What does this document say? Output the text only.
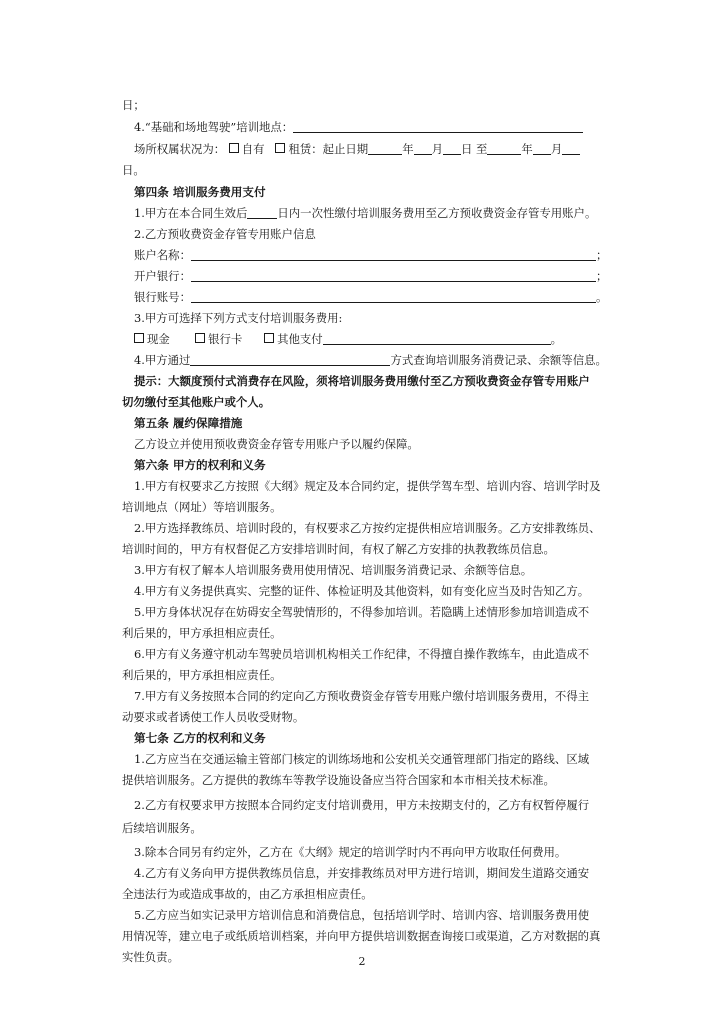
日；
4.“基础和场地驾驶”培训地点：
场所权属状况为： 自有 租赁：起止日期	年 月 日 至	年 月
日。
第四条 培训服务费用支付
1.甲方在本合同生效后	日内一次性缴付培训服务费用至乙方预收费资金存管专用账户。
2.乙方预收费资金存管专用账户信息
账户名称：	；
开户银行：	；
银行账号：	。
3.甲方可选择下列方式支付培训服务费用:
现金	银行卡	其他支付	。
4.甲方通过	方式查询培训服务消费记录、余额等信息。
提示：大额度预付式消费存在风险，须将培训服务费用缴付至乙方预收费资金存管专用账户
切勿缴付至其他账户或个人。
第五条 履约保障措施
乙方设立并使用预收费资金存管专用账户予以履约保障。
第六条 甲方的权利和义务
1.甲方有权要求乙方按照《大纲》规定及本合同约定，提供学驾车型、培训内容、培训学时及
培训地点（网址）等培训服务。
2.甲方选择教练员、培训时段的，有权要求乙方按约定提供相应培训服务。乙方安排教练员、
培训时间的，甲方有权督促乙方安排培训时间，有权了解乙方安排的执教教练员信息。
3.甲方有权了解本人培训服务费用使用情况、培训服务消费记录、余额等信息。
4.甲方有义务提供真实、完整的证件、体检证明及其他资料，如有变化应当及时告知乙方。
5.甲方身体状况存在妨碍安全驾驶情形的，不得参加培训。若隐瞒上述情形参加培训造成不
利后果的，甲方承担相应责任。
6.甲方有义务遵守机动车驾驶员培训机构相关工作纪律，不得擅自操作教练车，由此造成不
利后果的，甲方承担相应责任。
7.甲方有义务按照本合同的约定向乙方预收费资金存管专用账户缴付培训服务费用，不得主
动要求或者诱使工作人员收受财物。
第七条 乙方的权利和义务
1.乙方应当在交通运输主管部门核定的训练场地和公安机关交通管理部门指定的路线、区域
提供培训服务。乙方提供的教练车等教学设施设备应当符合国家和本市相关技术标准。
2.乙方有权要求甲方按照本合同约定支付培训费用，甲方未按期支付的，乙方有权暂停履行
后续培训服务。
3.除本合同另有约定外，乙方在《大纲》规定的培训学时内不再向甲方收取任何费用。
4.乙方有义务向甲方提供教练员信息，并安排教练员对甲方进行培训，期间发生道路交通安
全违法行为或造成事故的，由乙方承担相应责任。
5.乙方应当如实记录甲方培训信息和消费信息，包括培训学时、培训内容、培训服务费用使
用情况等，建立电子或纸质培训档案，并向甲方提供培训数据查询接口或渠道，乙方对数据的真
实性负责。	2
